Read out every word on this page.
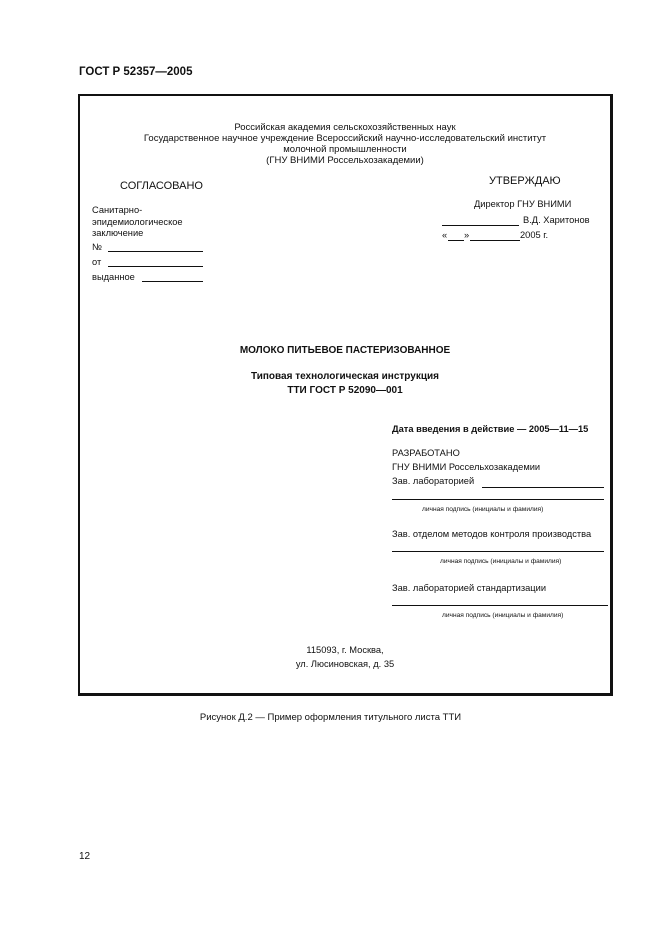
ГОСТ Р 52357—2005
Российская академия сельскохозяйственных наук
Государственное научное учреждение Всероссийский научно-исследовательский институт
молочной промышленности
(ГНУ ВНИМИ Россельхозакадемии)
СОГЛАСОВАНО
Санитарно-
эпидемиологическое
заключение
№
от
выданное
УТВЕРЖДАЮ
Директор ГНУ ВНИМИ
В.Д. Харитонов
« »	2005 г.
МОЛОКО ПИТЬЕВОЕ ПАСТЕРИЗОВАННОЕ
Типовая технологическая инструкция
ТТИ ГОСТ Р 52090—001
Дата введения в действие — 2005—11—15
РАЗРАБОТАНО
ГНУ ВНИМИ Россельхозакадемии
Зав. лабораторией
личная подпись (инициалы и фамилия)
Зав. отделом методов контроля производства
личная подпись (инициалы и фамилия)
Зав. лабораторией стандартизации
личная подпись (инициалы и фамилия)
115093, г. Москва,
ул. Люсиновская, д. 35
Рисунок Д.2 — Пример оформления титульного листа ТТИ
12
